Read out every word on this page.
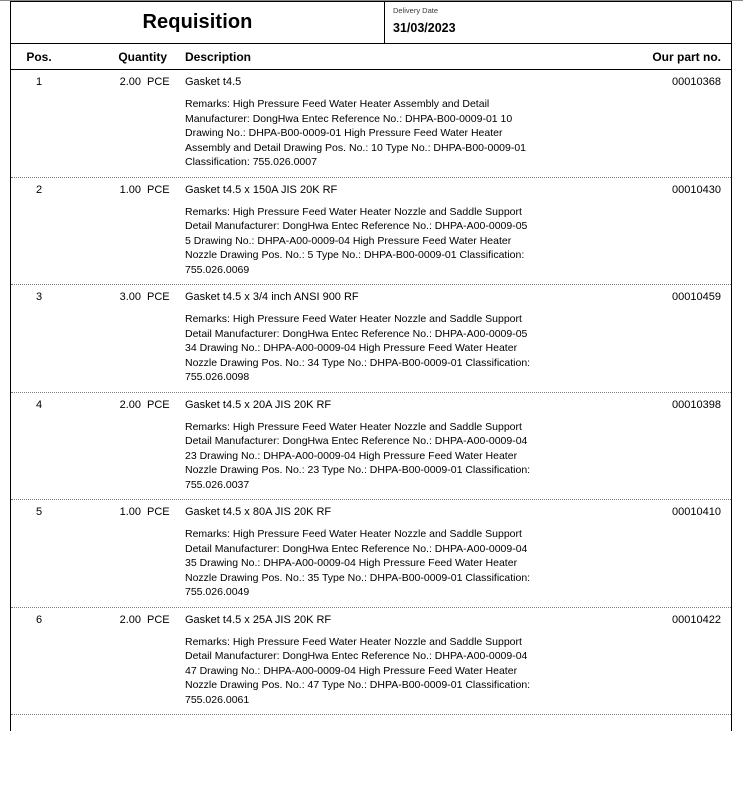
Requisition
Delivery Date
31/03/2023
Pos.	Quantity Description	Our part no.
1	2.00 PCE Gasket t4.5	00010368
Remarks: High Pressure Feed Water Heater Assembly and Detail Manufacturer: DongHwa Entec Reference No.: DHPA-B00-0009-01 10 Drawing No.: DHPA-B00-0009-01 High Pressure Feed Water Heater Assembly and Detail Drawing Pos. No.: 10 Type No.: DHPA-B00-0009-01 Classification: 755.026.0007
2	1.00 PCE Gasket t4.5 x 150A JIS 20K RF	00010430
Remarks: High Pressure Feed Water Heater Nozzle and Saddle Support Detail Manufacturer: DongHwa Entec Reference No.: DHPA-A00-0009-05 5 Drawing No.: DHPA-A00-0009-04 High Pressure Feed Water Heater Nozzle Drawing Pos. No.: 5 Type No.: DHPA-B00-0009-01 Classification: 755.026.0069
3	3.00 PCE Gasket t4.5 x 3/4 inch ANSI 900 RF	00010459
Remarks: High Pressure Feed Water Heater Nozzle and Saddle Support Detail Manufacturer: DongHwa Entec Reference No.: DHPA-A00-0009-05 34 Drawing No.: DHPA-A00-0009-04 High Pressure Feed Water Heater Nozzle Drawing Pos. No.: 34 Type No.: DHPA-B00-0009-01 Classification: 755.026.0098
4	2.00 PCE Gasket t4.5 x 20A JIS 20K RF	00010398
Remarks: High Pressure Feed Water Heater Nozzle and Saddle Support Detail Manufacturer: DongHwa Entec Reference No.: DHPA-A00-0009-04 23 Drawing No.: DHPA-A00-0009-04 High Pressure Feed Water Heater Nozzle Drawing Pos. No.: 23 Type No.: DHPA-B00-0009-01 Classification: 755.026.0037
5	1.00 PCE Gasket t4.5 x 80A JIS 20K RF	00010410
Remarks: High Pressure Feed Water Heater Nozzle and Saddle Support Detail Manufacturer: DongHwa Entec Reference No.: DHPA-A00-0009-04 35 Drawing No.: DHPA-A00-0009-04 High Pressure Feed Water Heater Nozzle Drawing Pos. No.: 35 Type No.: DHPA-B00-0009-01 Classification: 755.026.0049
6	2.00 PCE Gasket t4.5 x 25A JIS 20K RF	00010422
Remarks: High Pressure Feed Water Heater Nozzle and Saddle Support Detail Manufacturer: DongHwa Entec Reference No.: DHPA-A00-0009-04 47 Drawing No.: DHPA-A00-0009-04 High Pressure Feed Water Heater Nozzle Drawing Pos. No.: 47 Type No.: DHPA-B00-0009-01 Classification: 755.026.0061
